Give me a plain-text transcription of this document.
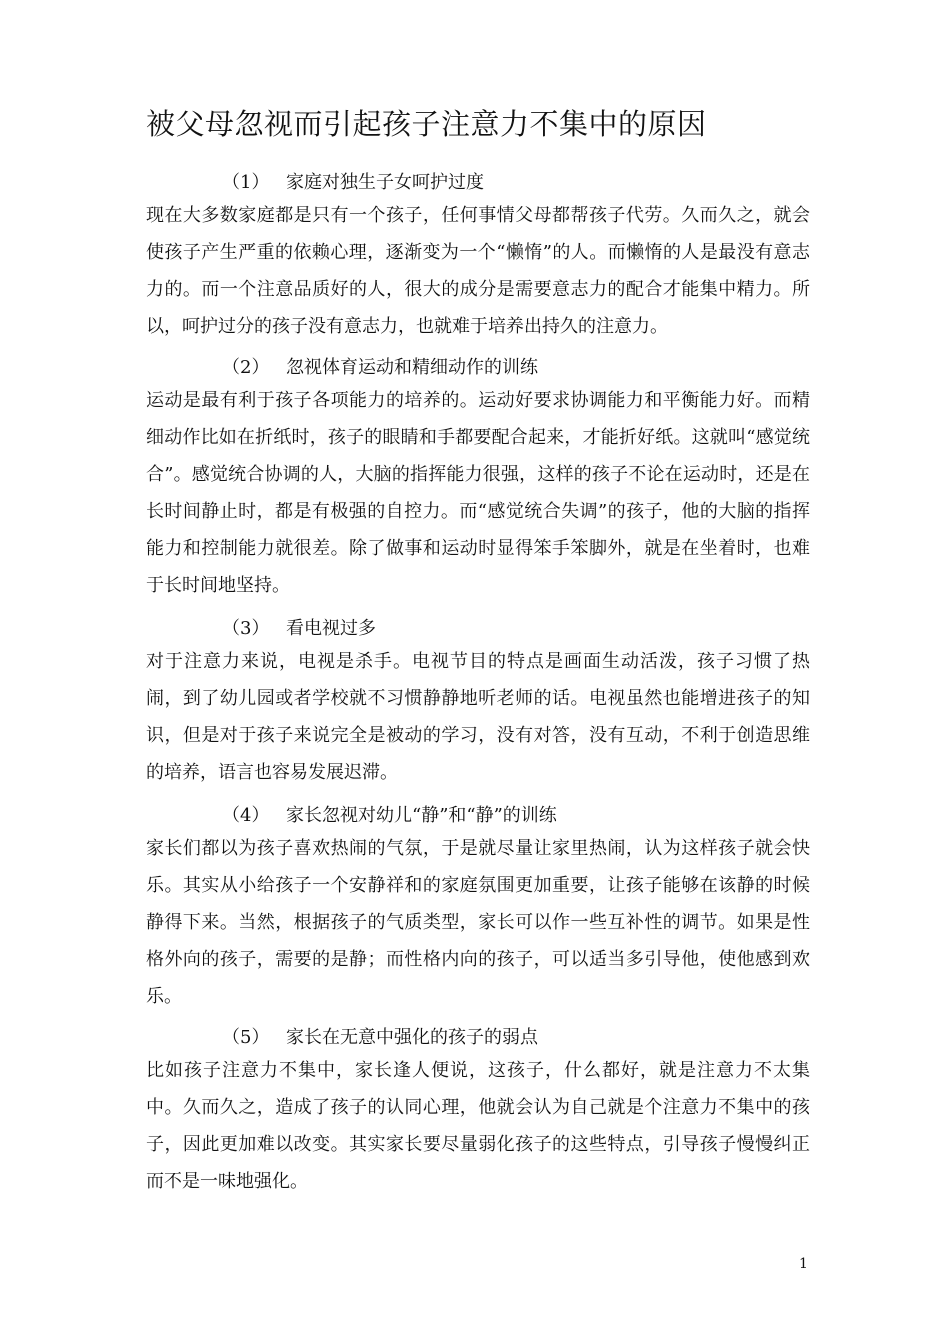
被父母忽视而引起孩子注意力不集中的原因

（1） 家庭对独生子女呵护过度

现在大多数家庭都是只有一个孩子，任何事情父母都帮孩子代劳。久而久之，就会使孩子产生严重的依赖心理，逐渐变为一个“懒惰”的人。而懒惰的人是最没有意志力的。而一个注意品质好的人，很大的成分是需要意志力的配合才能集中精力。所以，呵护过分的孩子没有意志力，也就难于培养出持久的注意力。

（2） 忽视体育运动和精细动作的训练

运动是最有利于孩子各项能力的培养的。运动好要求协调能力和平衡能力好。而精细动作比如在折纸时，孩子的眼睛和手都要配合起来，才能折好纸。这就叫“感觉统合”。感觉统合协调的人，大脑的指挥能力很强，这样的孩子不论在运动时，还是在长时间静止时，都是有极强的自控力。而“感觉统合失调”的孩子，他的大脑的指挥能力和控制能力就很差。除了做事和运动时显得笨手笨脚外，就是在坐着时，也难于长时间地坚持。

（3） 看电视过多

对于注意力来说，电视是杀手。电视节目的特点是画面生动活泼，孩子习惯了热闹，到了幼儿园或者学校就不习惯静静地听老师的话。电视虽然也能增进孩子的知识，但是对于孩子来说完全是被动的学习，没有对答，没有互动，不利于创造思维的培养，语言也容易发展迟滞。

（4） 家长忽视对幼儿“静”和“静”的训练

家长们都以为孩子喜欢热闹的气氛，于是就尽量让家里热闹，认为这样孩子就会快乐。其实从小给孩子一个安静祥和的家庭氛围更加重要，让孩子能够在该静的时候静得下来。当然，根据孩子的气质类型，家长可以作一些互补性的调节。如果是性格外向的孩子，需要的是静；而性格内向的孩子，可以适当多引导他，使他感到欢乐。

（5） 家长在无意中强化的孩子的弱点

比如孩子注意力不集中，家长逢人便说，这孩子，什么都好，就是注意力不太集中。久而久之，造成了孩子的认同心理，他就会认为自己就是个注意力不集中的孩子，因此更加难以改变。其实家长要尽量弱化孩子的这些特点，引导孩子慢慢纠正而不是一味地强化。

1
